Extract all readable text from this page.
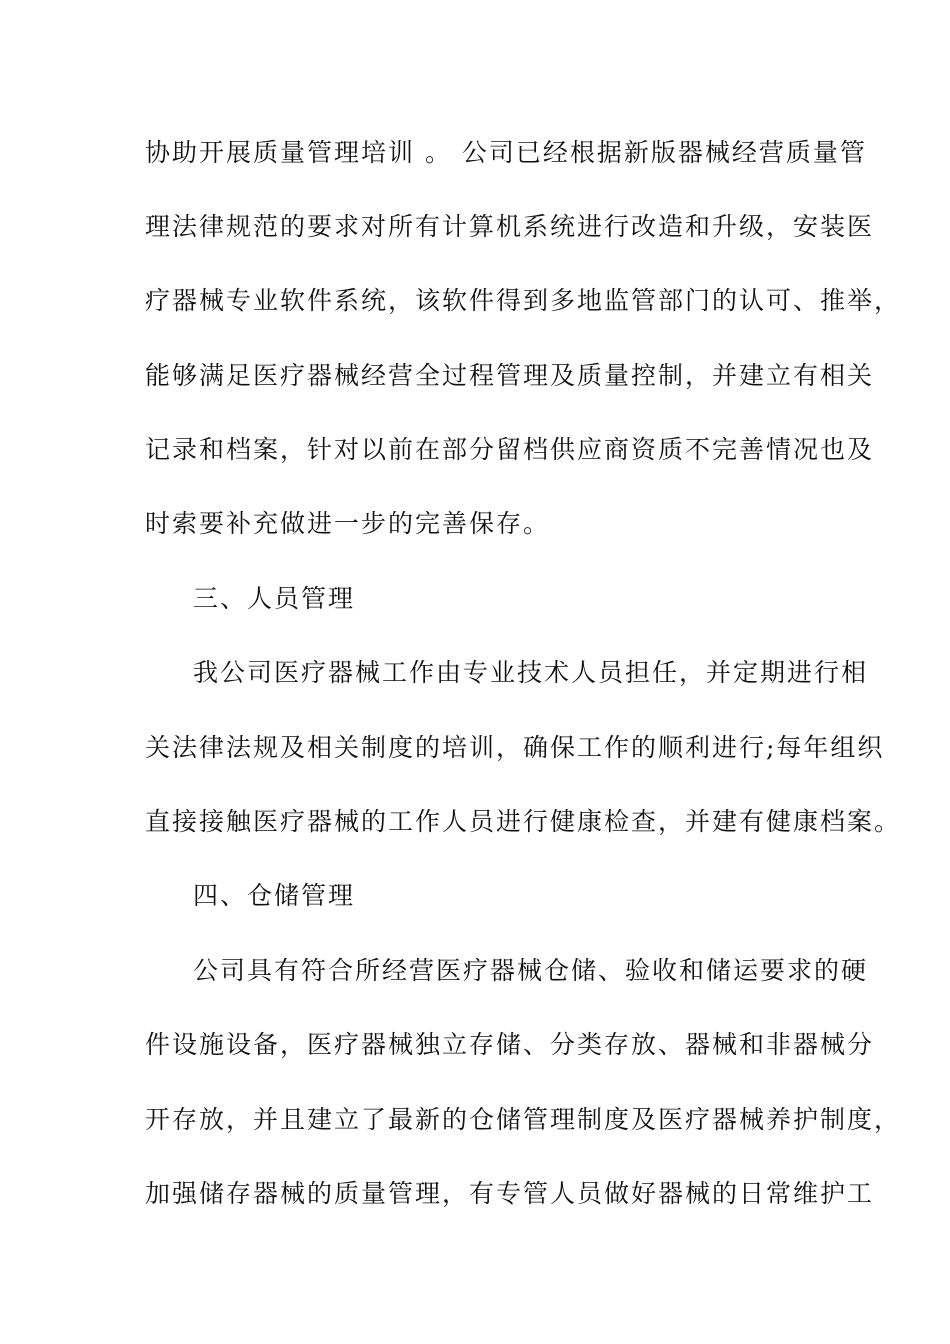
协助开展质量管理培训 。 公司已经根据新版器械经营质量管
理法律规范的要求对所有计算机系统进行改造和升级，安装医
疗器械专业软件系统，该软件得到多地监管部门的认可、推举，
能够满足医疗器械经营全过程管理及质量控制，并建立有相关
记录和档案，针对以前在部分留档供应商资质不完善情况也及
时索要补充做进一步的完善保存。
三、人员管理
我公司医疗器械工作由专业技术人员担任，并定期进行相
关法律法规及相关制度的培训，确保工作的顺利进行;每年组织
直接接触医疗器械的工作人员进行健康检查，并建有健康档案。
四、仓储管理
公司具有符合所经营医疗器械仓储、验收和储运要求的硬
件设施设备，医疗器械独立存储、分类存放、器械和非器械分
开存放，并且建立了最新的仓储管理制度及医疗器械养护制度，
加强储存器械的质量管理，有专管人员做好器械的日常维护工
